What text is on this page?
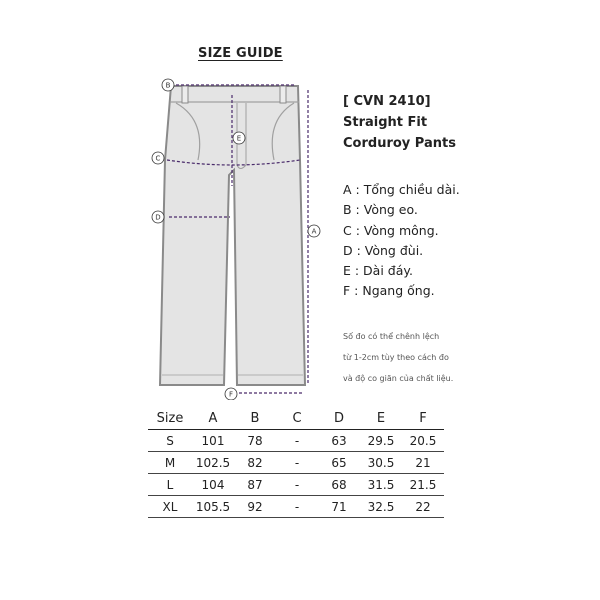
SIZE GUIDE
B
C
D
E
A
F
[ CVN 2410]
Straight Fit
Corduroy Pants
A : Tổng chiều dài.
B : Vòng eo.
C : Vòng mông.
D : Vòng đùi.
E : Dài đáy.
F : Ngang ống.
Số đo có thể chênh lệch
từ 1-2cm tùy theo cách đo
và độ co giãn của chất liệu.
Size	A	B	C	D	E	F
S	101	78	-	63	29.5	20.5
M	102.5	82	-	65	30.5	21
L	104	87	-	68	31.5	21.5
XL	105.5	92	-	71	32.5	22
